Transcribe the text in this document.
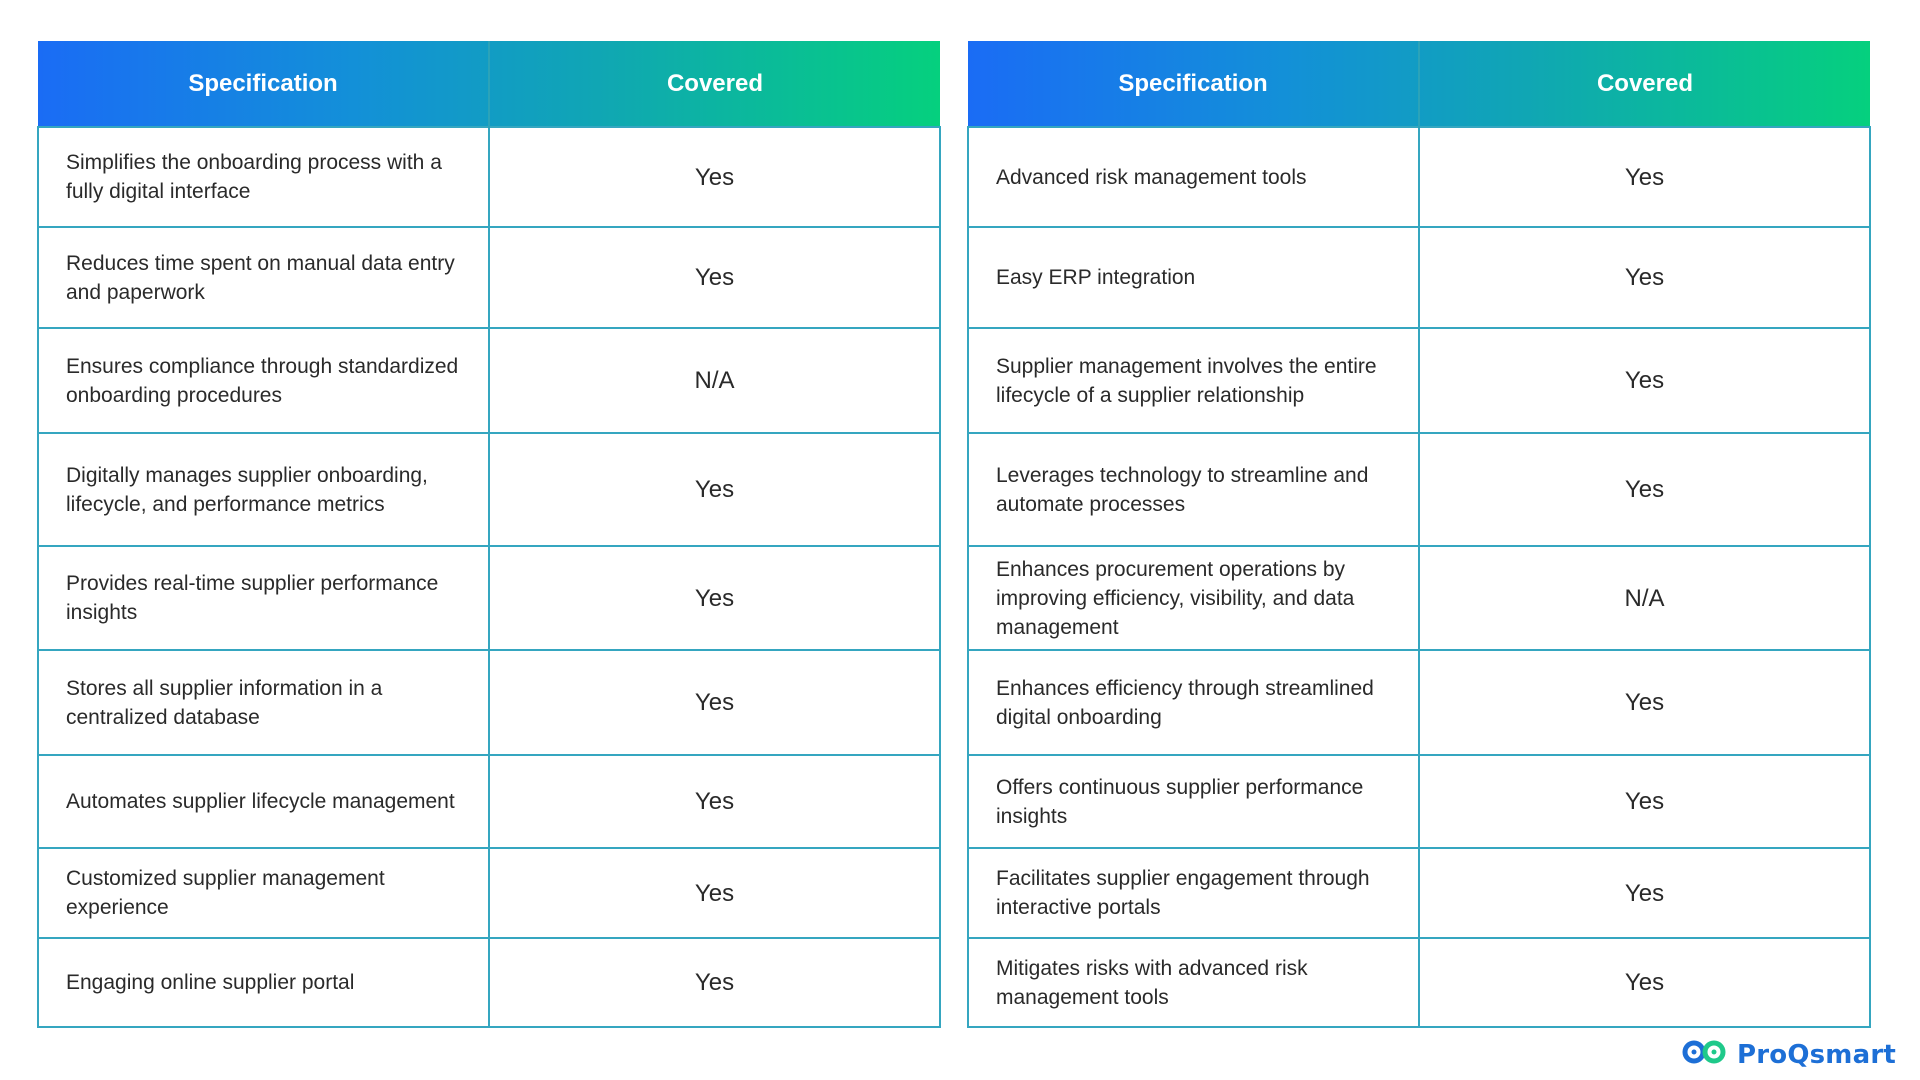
Specification	Covered
Simplifies the onboarding process with a fully digital interface	Yes
Reduces time spent on manual data entry and paperwork	Yes
Ensures compliance through standardized onboarding procedures	N/A
Digitally manages supplier onboarding, lifecycle, and performance metrics	Yes
Provides real-time supplier performance insights	Yes
Stores all supplier information in a centralized database	Yes
Automates supplier lifecycle management	Yes
Customized supplier management experience	Yes
Engaging online supplier portal	Yes
Specification	Covered
Advanced risk management tools	Yes
Easy ERP integration	Yes
Supplier management involves the entire lifecycle of a supplier relationship	Yes
Leverages technology to streamline and automate processes	Yes
Enhances procurement operations by improving efficiency, visibility, and data management	N/A
Enhances efficiency through streamlined digital onboarding	Yes
Offers continuous supplier performance insights	Yes
Facilitates supplier engagement through interactive portals	Yes
Mitigates risks with advanced risk management tools	Yes
ProQsmart
